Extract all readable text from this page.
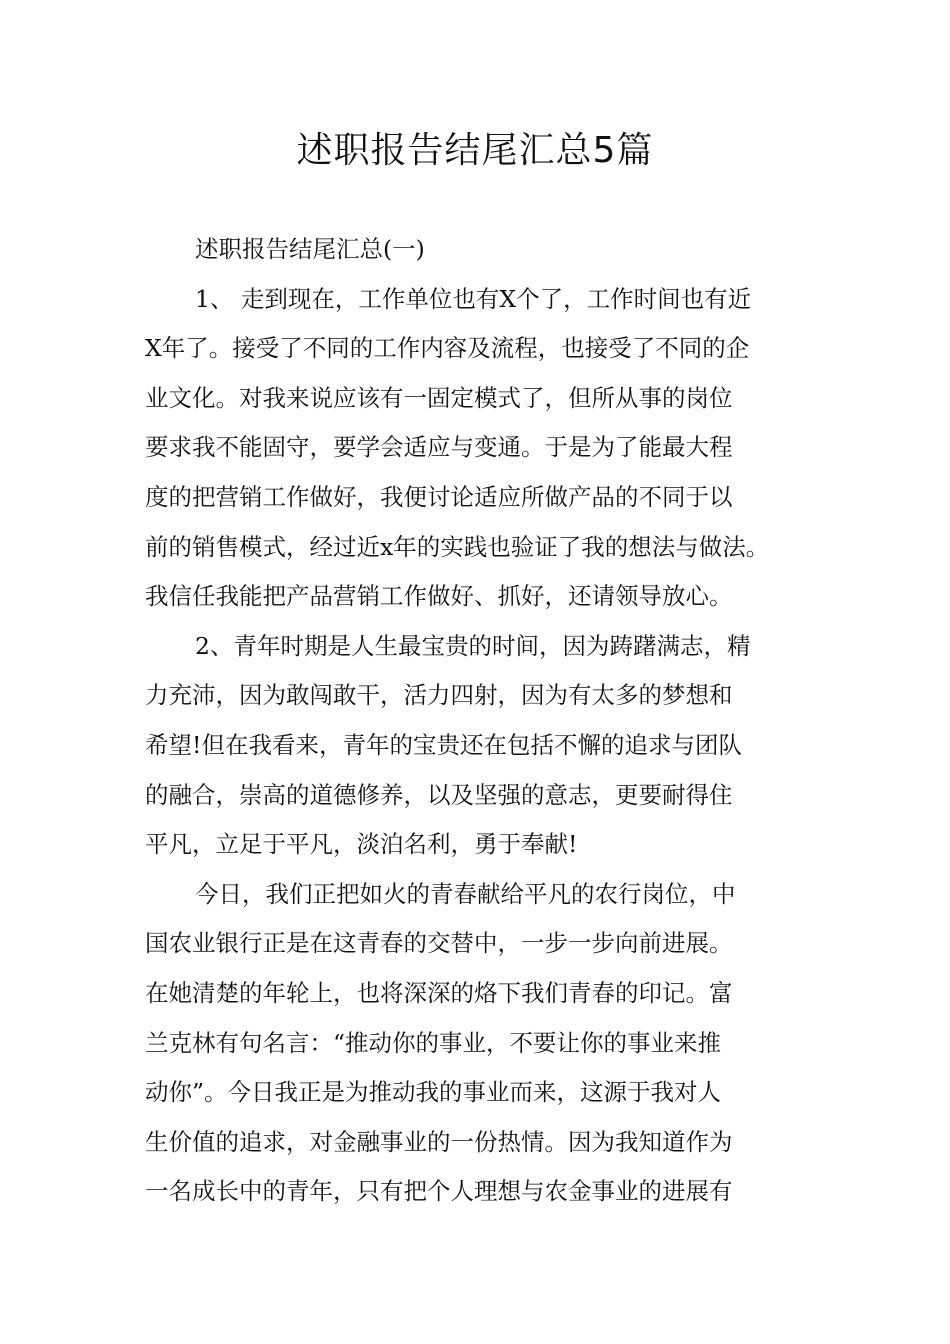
述职报告结尾汇总5篇
述职报告结尾汇总(一)
1、 走到现在，工作单位也有X个了，工作时间也有近
X年了。接受了不同的工作内容及流程，也接受了不同的企
业文化。对我来说应该有一固定模式了，但所从事的岗位
要求我不能固守，要学会适应与变通。于是为了能最大程
度的把营销工作做好，我便讨论适应所做产品的不同于以
前的销售模式，经过近x年的实践也验证了我的想法与做法。
我信任我能把产品营销工作做好、抓好，还请领导放心。
2、青年时期是人生最宝贵的时间，因为踌躇满志，精
力充沛，因为敢闯敢干，活力四射，因为有太多的梦想和
希望!但在我看来，青年的宝贵还在包括不懈的追求与团队
的融合，崇高的道德修养，以及坚强的意志，更要耐得住
平凡，立足于平凡，淡泊名利，勇于奉献!
今日，我们正把如火的青春献给平凡的农行岗位，中
国农业银行正是在这青春的交替中，一步一步向前进展。
在她清楚的年轮上，也将深深的烙下我们青春的印记。富
兰克林有句名言：“推动你的事业，不要让你的事业来推
动你”。今日我正是为推动我的事业而来，这源于我对人
生价值的追求，对金融事业的一份热情。因为我知道作为
一名成长中的青年，只有把个人理想与农金事业的进展有
